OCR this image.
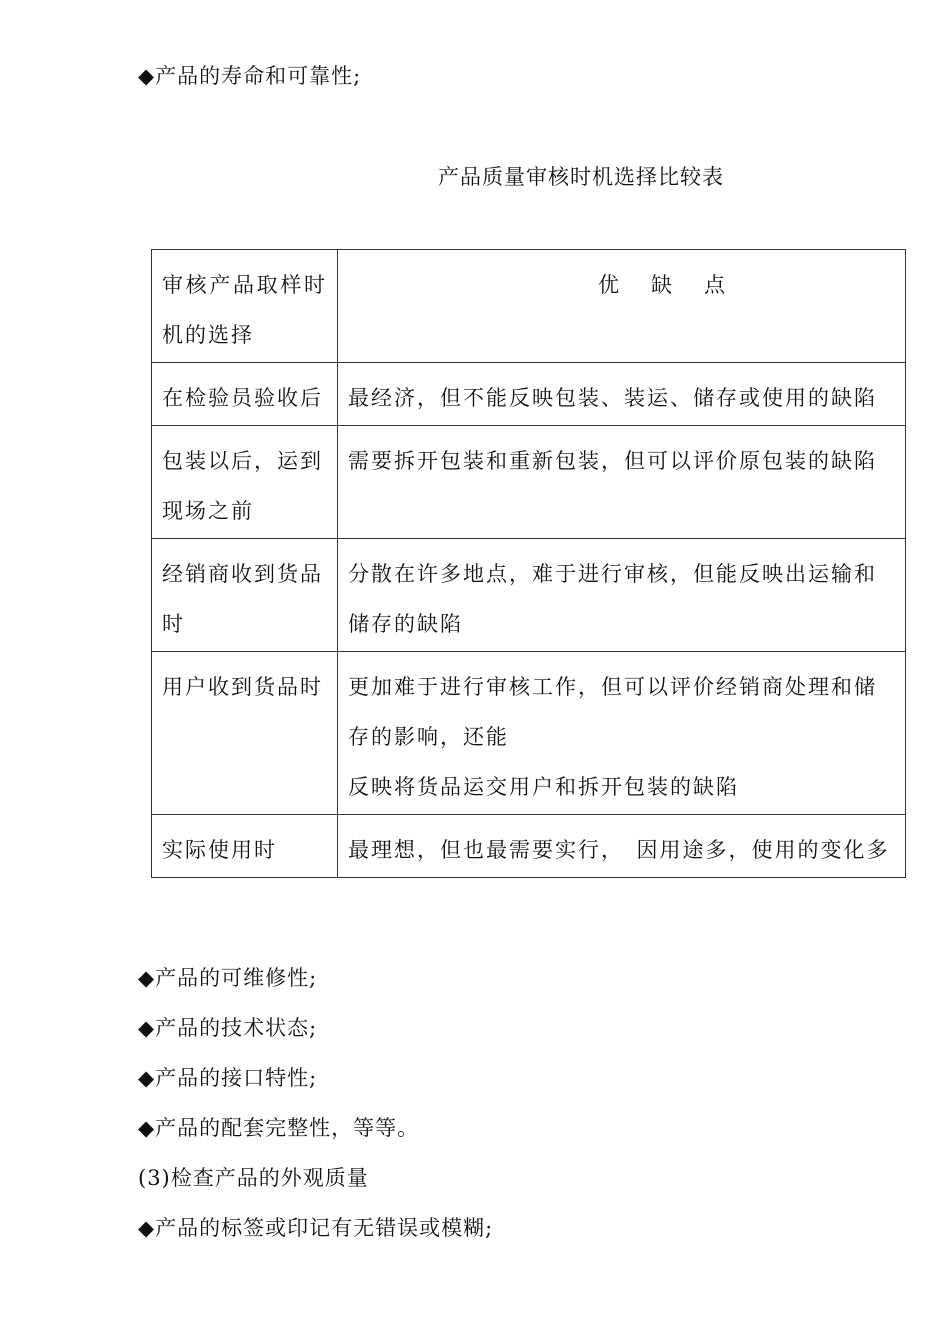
◆产品的寿命和可靠性;
产品质量审核时机选择比较表
审核产品取样时机的选择	优 缺 点

在检验员验收后	最经济，但不能反映包装、装运、储存或使用的缺陷

包装以后，运到现场之前	需要拆开包装和重新包装，但可以评价原包装的缺陷

经销商收到货品时	分散在许多地点，难于进行审核，但能反映出运输和储存的缺陷

用户收到货品时	更加难于进行审核工作，但可以评价经销商处理和储存的影响，还能
反映将货品运交用户和拆开包装的缺陷

实际使用时	最理想，但也最需要实行，　因用途多，使用的变化多
◆产品的可维修性;
◆产品的技术状态;
◆产品的接口特性;
◆产品的配套完整性，等等。
(3)检查产品的外观质量
◆产品的标签或印记有无错误或模糊;
